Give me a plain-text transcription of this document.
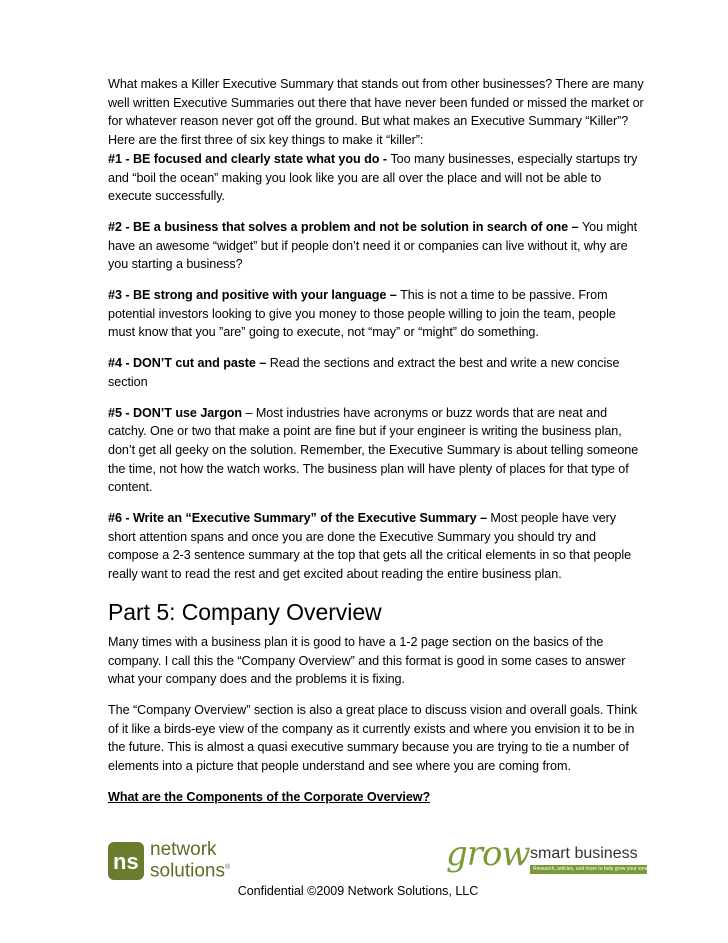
What makes a Killer Executive Summary that stands out from other businesses? There are many well written Executive Summaries out there that have never been funded or missed the market or for whatever reason never got off the ground. But what makes an Executive Summary “Killer”? Here are the first three of six key things to make it “killer”:
#1 - BE focused and clearly state what you do - Too many businesses, especially startups try and “boil the ocean” making you look like you are all over the place and will not be able to execute successfully.

#2 - BE a business that solves a problem and not be solution in search of one – You might have an awesome “widget” but if people don’t need it or companies can live without it, why are you starting a business?

#3 - BE strong and positive with your language – This is not a time to be passive. From potential investors looking to give you money to those people willing to join the team, people must know that you ”are” going to execute, not “may” or “might” do something.

#4 - DON’T cut and paste – Read the sections and extract the best and write a new concise section

#5 - DON’T use Jargon – Most industries have acronyms or buzz words that are neat and catchy. One or two that make a point are fine but if your engineer is writing the business plan, don’t get all geeky on the solution. Remember, the Executive Summary is about telling someone the time, not how the watch works. The business plan will have plenty of places for that type of content.

#6 - Write an “Executive Summary” of the Executive Summary – Most people have very short attention spans and once you are done the Executive Summary you should try and compose a 2-3 sentence summary at the top that gets all the critical elements in so that people really want to read the rest and get excited about reading the entire business plan.

Part 5: Company Overview

Many times with a business plan it is good to have a 1-2 page section on the basics of the company. I call this the “Company Overview” and this format is good in some cases to answer what your company does and the problems it is fixing.

The “Company Overview” section is also a great place to discuss vision and overall goals. Think of it like a birds-eye view of the company as it currently exists and where you envision it to be in the future. This is almost a quasi executive summary because you are trying to tie a number of elements into a picture that people understand and see where you are coming from.

What are the Components of the Corporate Overview?
ns network
solutions®	grow smart business
Research, articles, and more to help grow your small business.
Confidential ©2009 Network Solutions, LLC
